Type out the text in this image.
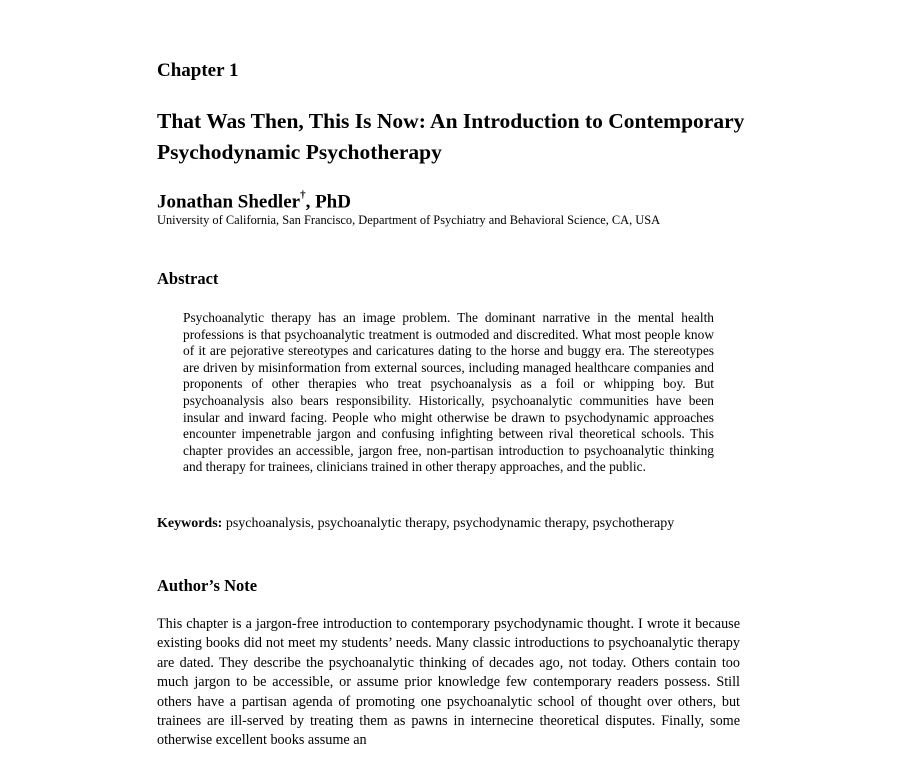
Chapter 1
That Was Then, This Is Now: An Introduction to Contemporary Psychodynamic Psychotherapy
Jonathan Shedler†, PhD
University of California, San Francisco, Department of Psychiatry and Behavioral Science, CA, USA
Abstract

Psychoanalytic therapy has an image problem. The dominant narrative in the mental health professions is that psychoanalytic treatment is outmoded and discredited. What most people know of it are pejorative stereotypes and caricatures dating to the horse and buggy era. The stereotypes are driven by misinformation from external sources, including managed healthcare companies and proponents of other therapies who treat psychoanalysis as a foil or whipping boy. But psychoanalysis also bears responsibility. Historically, psychoanalytic communities have been insular and inward facing. People who might otherwise be drawn to psychodynamic approaches encounter impenetrable jargon and confusing infighting between rival theoretical schools. This chapter provides an accessible, jargon free, non-partisan introduction to psychoanalytic thinking and therapy for trainees, clinicians trained in other therapy approaches, and the public.

Keywords: psychoanalysis, psychoanalytic therapy, psychodynamic therapy, psychotherapy

Author’s Note

This chapter is a jargon-free introduction to contemporary psychodynamic thought. I wrote it because existing books did not meet my students’ needs. Many classic introductions to psychoanalytic therapy are dated. They describe the psychoanalytic thinking of decades ago, not today. Others contain too much jargon to be accessible, or assume prior knowledge few contemporary readers possess. Still others have a partisan agenda of promoting one psychoanalytic school of thought over others, but trainees are ill-served by treating them as pawns in internecine theoretical disputes. Finally, some otherwise excellent books assume an
